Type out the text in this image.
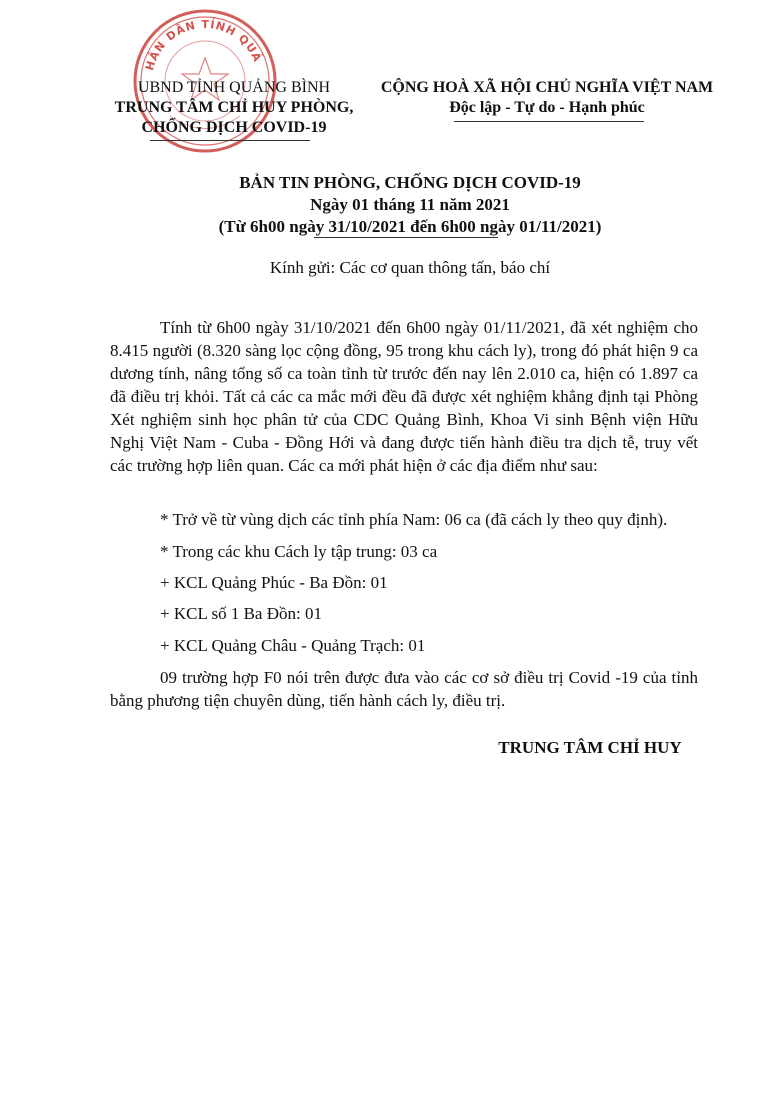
HÂN DÂN TỈNH QUẢ
UBND TỈNH QUẢNG BÌNH
TRUNG TÂM CHỈ HUY PHÒNG,
CHỐNG DỊCH COVID-19
CỘNG HOÀ XÃ HỘI CHỦ NGHĨA VIỆT NAM
Độc lập - Tự do - Hạnh phúc
BẢN TIN PHÒNG, CHỐNG DỊCH COVID-19
Ngày 01 tháng 11 năm 2021
(Từ 6h00 ngày 31/10/2021 đến 6h00 ngày 01/11/2021)
Kính gửi: Các cơ quan thông tấn, báo chí
Tính từ 6h00 ngày 31/10/2021 đến 6h00 ngày 01/11/2021, đã xét nghiệm cho 8.415 người (8.320 sàng lọc cộng đồng, 95 trong khu cách ly), trong đó phát hiện 9 ca dương tính, nâng tổng số ca toàn tỉnh từ trước đến nay lên 2.010 ca, hiện có 1.897 ca đã điều trị khỏi. Tất cả các ca mắc mới đều đã được xét nghiệm khẳng định tại Phòng Xét nghiệm sinh học phân tử của CDC Quảng Bình, Khoa Vi sinh Bệnh viện Hữu Nghị Việt Nam - Cuba - Đồng Hới và đang được tiến hành điều tra dịch tễ, truy vết các trường hợp liên quan. Các ca mới phát hiện ở các địa điểm như sau:
* Trở về từ vùng dịch các tỉnh phía Nam: 06 ca (đã cách ly theo quy định).
* Trong các khu Cách ly tập trung: 03 ca
+ KCL Quảng Phúc - Ba Đồn: 01
+ KCL số 1 Ba Đồn: 01
+ KCL Quảng Châu - Quảng Trạch: 01
09 trường hợp F0 nói trên được đưa vào các cơ sở điều trị Covid -19 của tỉnh bằng phương tiện chuyên dùng, tiến hành cách ly, điều trị.
TRUNG TÂM CHỈ HUY
